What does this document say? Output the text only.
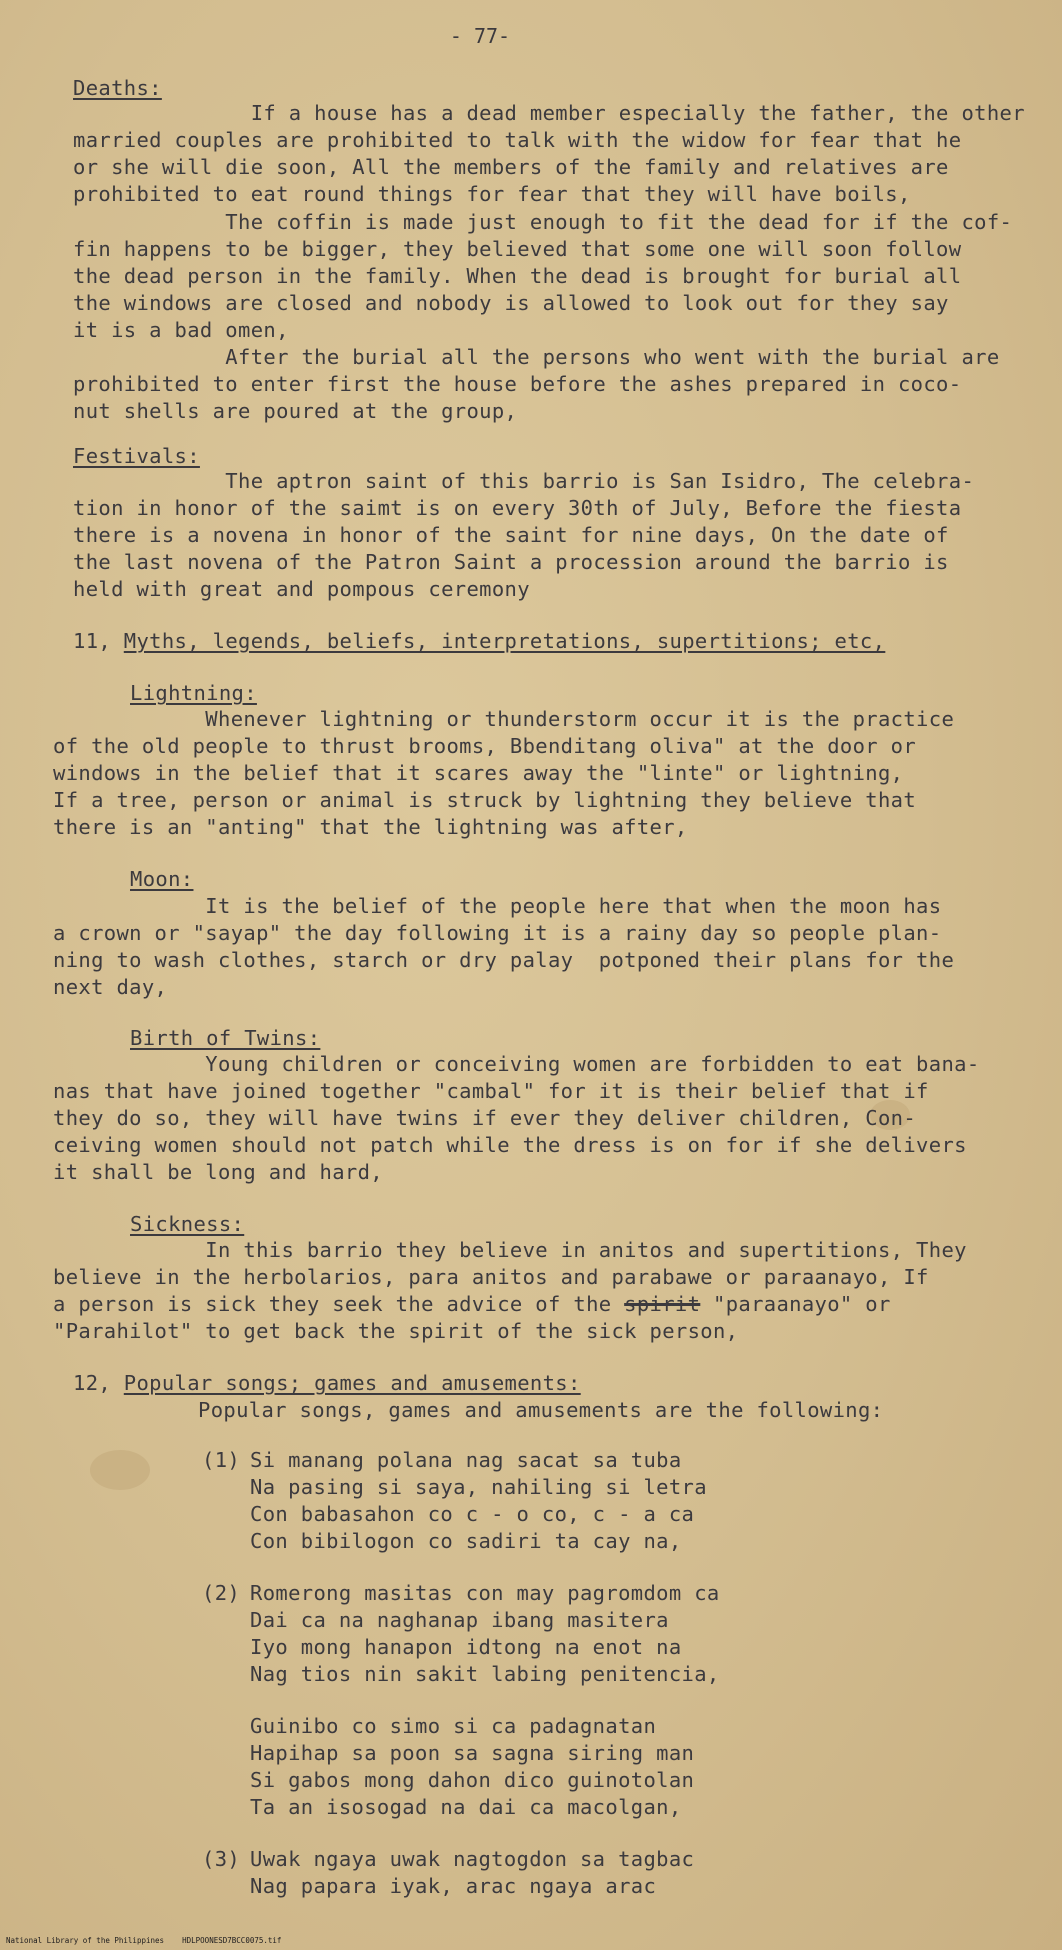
- 77-
Deaths:
If a house has a dead member especially the father, the other
married couples are prohibited to talk with the widow for fear that he
or she will die soon, All the members of the family and relatives are
prohibited to eat round things for fear that they will have boils,
The coffin is made just enough to fit the dead for if the cof-
fin happens to be bigger, they believed that some one will soon follow
the dead person in the family. When the dead is brought for burial all
the windows are closed and nobody is allowed to look out for they say
it is a bad omen,
After the burial all the persons who went with the burial are
prohibited to enter first the house before the ashes prepared in coco-
nut shells are poured at the group,
Festivals:
The aptron saint of this barrio is San Isidro, The celebra-
tion in honor of the saimt is on every 30th of July, Before the fiesta
there is a novena in honor of the saint for nine days, On the date of
the last novena of the Patron Saint a procession around the barrio is
held with great and pompous ceremony
11, Myths, legends, beliefs, interpretations, supertitions; etc,
Lightning:
Whenever lightning or thunderstorm occur it is the practice
of the old people to thrust brooms, Bbenditang oliva" at the door or
windows in the belief that it scares away the "linte" or lightning,
If a tree, person or animal is struck by lightning they believe that
there is an "anting" that the lightning was after,
Moon:
It is the belief of the people here that when the moon has
a crown or "sayap" the day following it is a rainy day so people plan-
ning to wash clothes, starch or dry palay  potponed their plans for the
next day,
Birth of Twins:
Young children or conceiving women are forbidden to eat bana-
nas that have joined together "cambal" for it is their belief that if
they do so, they will have twins if ever they deliver children, Con-
ceiving women should not patch while the dress is on for if she delivers
it shall be long and hard,
Sickness:
In this barrio they believe in anitos and supertitions, They
believe in the herbolarios, para anitos and parabawe or paraanayo, If
a person is sick they seek the advice of the spirit "paraanayo" or
"Parahilot" to get back the spirit of the sick person,
12, Popular songs; games and amusements:
Popular songs, games and amusements are the following:
(1) Si manang polana nag sacat sa tuba
Na pasing si saya, nahiling si letra
Con babasahon co c - o co, c - a ca
Con bibilogon co sadiri ta cay na,
(2) Romerong masitas con may pagromdom ca
Dai ca na naghanap ibang masitera
Iyo mong hanapon idtong na enot na
Nag tios nin sakit labing penitencia,
Guinibo co simo si ca padagnatan
Hapihap sa poon sa sagna siring man
Si gabos mong dahon dico guinotolan
Ta an isosogad na dai ca macolgan,
(3) Uwak ngaya uwak nagtogdon sa tagbac
Nag papara iyak, arac ngaya arac
National Library of the Philippines    HDLPOONESD7BCC0075.tif
